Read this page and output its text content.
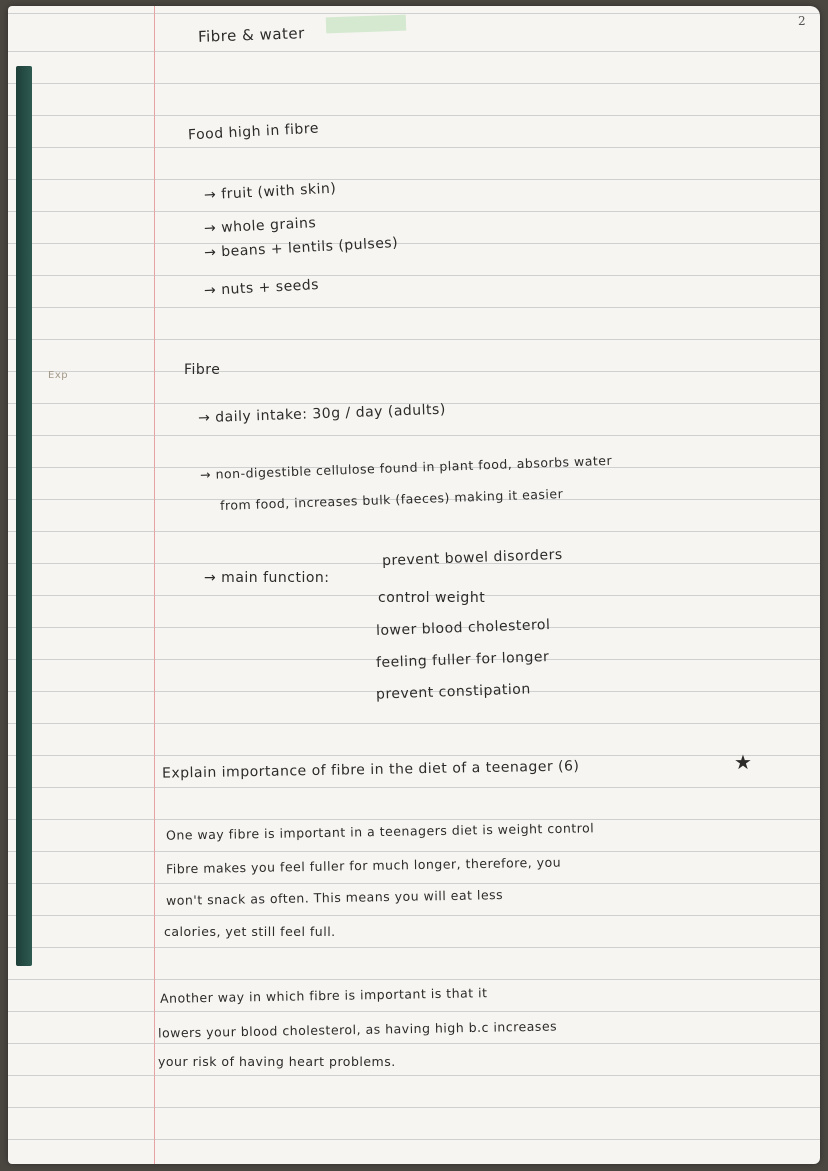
2
Exp
Fibre & water
Food high in fibre
→ fruit (with skin)
→ whole grains
→ beans + lentils (pulses)
→ nuts + seeds
Fibre
→ daily intake: 30g / day (adults)
→ non-digestible cellulose found in plant food, absorbs water
from food, increases bulk (faeces) making it easier
→ main function:
prevent bowel disorders
control weight
lower blood cholesterol
feeling fuller for longer
prevent constipation
Explain importance of fibre in the diet of a teenager (6)	★
One way fibre is important in a teenagers diet is weight control
Fibre makes you feel fuller for much longer, therefore, you
won't snack as often. This means you will eat less
calories, yet still feel full.
Another way in which fibre is important is that it
lowers your blood cholesterol, as having high b.c increases
your risk of having heart problems.
